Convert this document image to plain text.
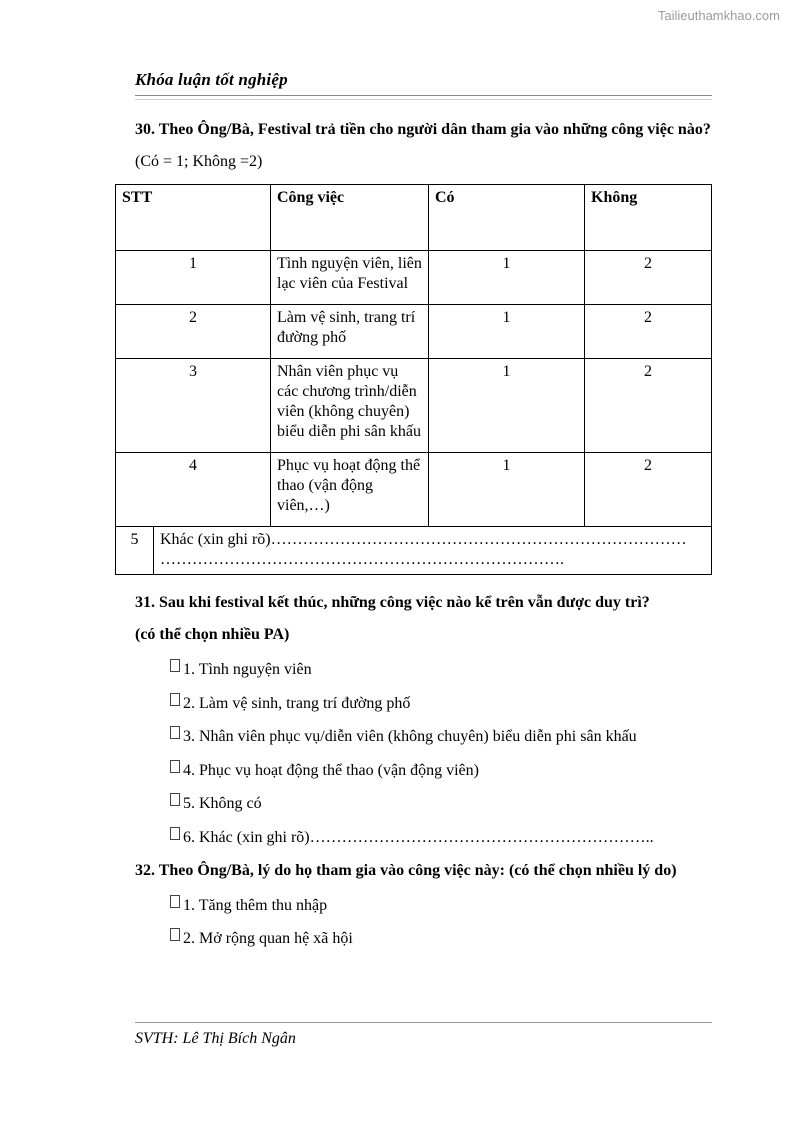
Tailieuthamkhao.com
Khóa luận tốt nghiệp
30. Theo Ông/Bà, Festival trả tiền cho người dân tham gia vào những công việc nào? (Có = 1; Không =2)
STT		Công việc	Có	Không
1		Tình nguyện viên, liên lạc viên của Festival	1	2
2		Làm vệ sinh, trang trí đường phố	1	2
3		Nhân viên phục vụ các chương trình/diễn viên (không chuyên) biểu diễn phi sân khấu	1	2
4		Phục vụ hoạt động thể thao (vận động viên,…)	1	2
5	Khác (xin ghi rõ)……………………………………………………………………
………………………………………………………………….			
31. Sau khi festival kết thúc, những công việc nào kể trên vẫn được duy trì?
(có thể chọn nhiều PA)
1. Tình nguyện viên
2. Làm vệ sinh, trang trí đường phố
3. Nhân viên phục vụ/diễn viên (không chuyên) biểu diễn phi sân khấu
4. Phục vụ hoạt động thể thao (vận động viên)
5. Không có
6. Khác (xin ghi rõ)………………………………………………………..
32. Theo Ông/Bà, lý do họ tham gia vào công việc này: (có thể chọn nhiều lý do)
1. Tăng thêm thu nhập
2. Mở rộng quan hệ xã hội
SVTH: Lê Thị Bích Ngân
